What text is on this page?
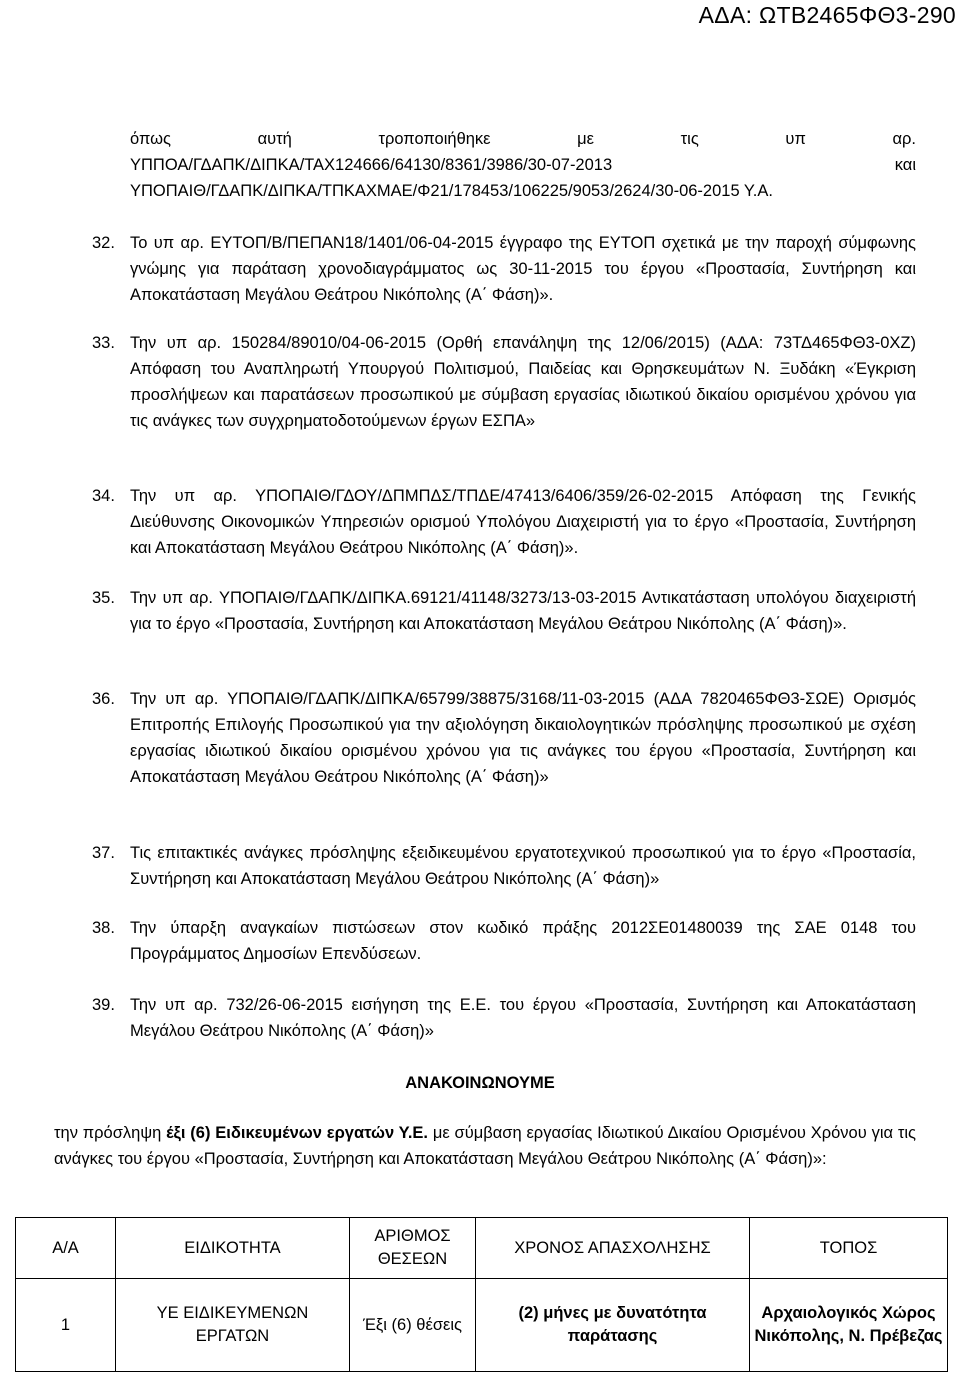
ΑΔΑ: ΩΤΒ2465ΦΘ3-290
όπως αυτή τροποποιήθηκε με τις υπ αρ.
ΥΠΠΟΑ/ΓΔΑΠΚ/ΔΙΠΚΑ/ΤΑΧ124666/64130/8361/3986/30-07-2013 και
ΥΠΟΠΑΙΘ/ΓΔΑΠΚ/ΔΙΠΚΑ/ΤΠΚΑΧΜΑΕ/Φ21/178453/106225/9053/2624/30-06-2015 Υ.Α.
32. Το υπ αρ. ΕΥΤΟΠ/Β/ΠΕΠΑΝ18/1401/06-04-2015 έγγραφο της ΕΥΤΟΠ σχετικά με την παροχή σύμφωνης γνώμης για παράταση χρονοδιαγράμματος ως 30-11-2015 του έργου «Προστασία, Συντήρηση και Αποκατάσταση Μεγάλου Θεάτρου Νικόπολης (Α΄ Φάση)».
33. Την υπ αρ. 150284/89010/04-06-2015 (Ορθή επανάληψη της 12/06/2015) (ΑΔΑ: 73ΤΔ465ΦΘ3-0ΧΖ) Απόφαση του Αναπληρωτή Υπουργού Πολιτισμού, Παιδείας και Θρησκευμάτων Ν. Ξυδάκη «Έγκριση προσλήψεων και παρατάσεων προσωπικού με σύμβαση εργασίας ιδιωτικού δικαίου ορισμένου χρόνου για τις ανάγκες των συγχρηματοδοτούμενων έργων ΕΣΠΑ»
34. Την υπ αρ. ΥΠΟΠΑΙΘ/ΓΔΟΥ/ΔΠΜΠΔΣ/ΤΠΔΕ/47413/6406/359/26-02-2015 Απόφαση της Γενικής Διεύθυνσης Οικονομικών Υπηρεσιών ορισμού Υπολόγου Διαχειριστή για το έργο «Προστασία, Συντήρηση και Αποκατάσταση Μεγάλου Θεάτρου Νικόπολης (Α΄ Φάση)».
35. Την υπ αρ. ΥΠΟΠΑΙΘ/ΓΔΑΠΚ/ΔΙΠΚΑ.69121/41148/3273/13-03-2015 Αντικατάσταση υπολόγου διαχειριστή για το έργο «Προστασία, Συντήρηση και Αποκατάσταση Μεγάλου Θεάτρου Νικόπολης (Α΄ Φάση)».
36. Την υπ αρ. ΥΠΟΠΑΙΘ/ΓΔΑΠΚ/ΔΙΠΚΑ/65799/38875/3168/11-03-2015 (ΑΔΑ 7820465ΦΘ3-ΣΩΕ) Ορισμός Επιτροπής Επιλογής Προσωπικού για την αξιολόγηση δικαιολογητικών πρόσληψης προσωπικού με σχέση εργασίας ιδιωτικού δικαίου ορισμένου χρόνου για τις ανάγκες του έργου «Προστασία, Συντήρηση και Αποκατάσταση Μεγάλου Θεάτρου Νικόπολης (Α΄ Φάση)»
37. Τις επιτακτικές ανάγκες πρόσληψης εξειδικευμένου εργατοτεχνικού προσωπικού για το έργο «Προστασία, Συντήρηση και Αποκατάσταση Μεγάλου Θεάτρου Νικόπολης (Α΄ Φάση)»
38. Την ύπαρξη αναγκαίων πιστώσεων στον κωδικό πράξης 2012ΣΕ01480039 της ΣΑΕ 0148 του Προγράμματος Δημοσίων Επενδύσεων.
39. Την υπ αρ. 732/26-06-2015 εισήγηση της Ε.Ε. του έργου «Προστασία, Συντήρηση και Αποκατάσταση Μεγάλου Θεάτρου Νικόπολης (Α΄ Φάση)»
ΑΝΑΚΟΙΝΩΝΟΥΜΕ
την πρόσληψη έξι (6) Ειδικευμένων εργατών Υ.Ε. με σύμβαση εργασίας Ιδιωτικού Δικαίου Ορισμένου Χρόνου για τις ανάγκες του έργου «Προστασία, Συντήρηση και Αποκατάσταση Μεγάλου Θεάτρου Νικόπολης (Α΄ Φάση)»:
Α/Α	ΕΙΔΙΚΟΤΗΤΑ	ΑΡΙΘΜΟΣ ΘΕΣΕΩΝ	ΧΡΟΝΟΣ ΑΠΑΣΧΟΛΗΣΗΣ	ΤΟΠΟΣ
1	ΥΕ ΕΙΔΙΚΕΥΜΕΝΩΝ ΕΡΓΑΤΩΝ	Έξι (6) θέσεις	(2) μήνες με δυνατότητα παράτασης	Αρχαιολογικός Χώρος Νικόπολης, Ν. Πρέβεζας
